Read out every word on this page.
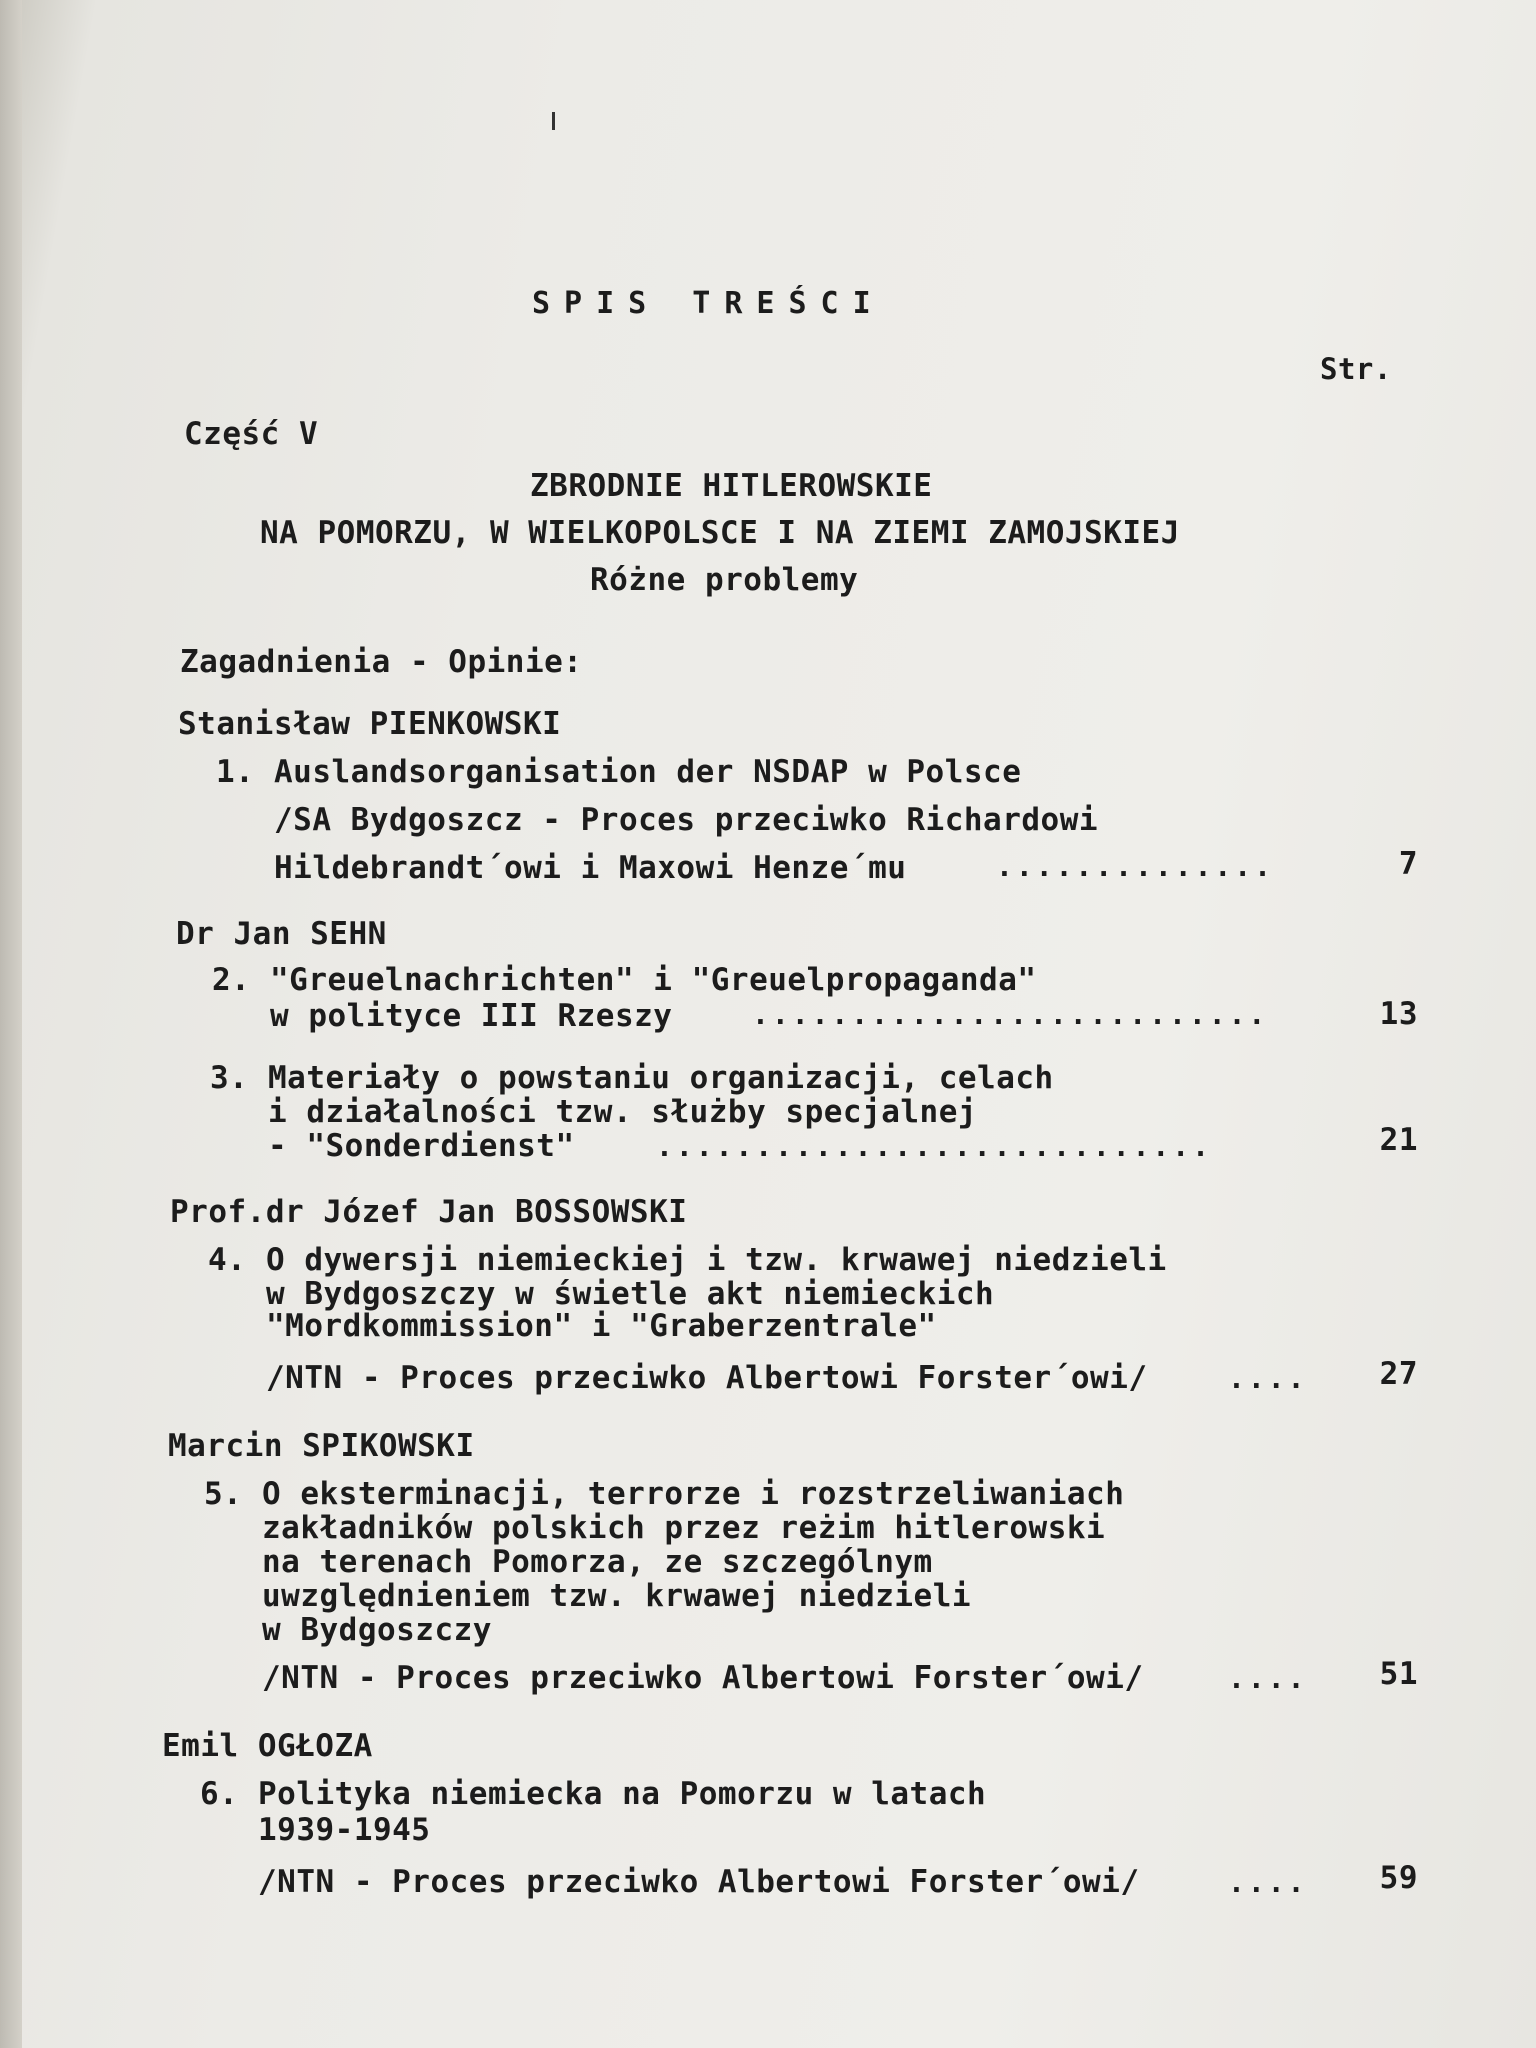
SPIS TREŚCI
Str.
Część V
ZBRODNIE HITLEROWSKIE
NA POMORZU, W WIELKOPOLSCE I NA ZIEMI ZAMOJSKIEJ
Różne problemy
Zagadnienia - Opinie:
Stanisław PIENKOWSKI
1. Auslandsorganisation der NSDAP w Polsce
/SA Bydgoszcz - Proces przeciwko Richardowi
Hildebrandt´owi i Maxowi Henze´mu	..............	7
Dr Jan SEHN
2. "Greuelnachrichten" i "Greuelpropaganda"
w polityce III Rzeszy	..........................	13
3. Materiały o powstaniu organizacji, celach
i działalności tzw. służby specjalnej
- "Sonderdienst"	............................	21
Prof.dr Józef Jan BOSSOWSKI
4. O dywersji niemieckiej i tzw. krwawej niedzieli
w Bydgoszczy w świetle akt niemieckich
"Mordkommission" i "Graberzentrale"
/NTN - Proces przeciwko Albertowi Forster´owi/	....	27
Marcin SPIKOWSKI
5. O eksterminacji, terrorze i rozstrzeliwaniach
zakładników polskich przez reżim hitlerowski
na terenach Pomorza, ze szczególnym
uwzględnieniem tzw. krwawej niedzieli
w Bydgoszczy
/NTN - Proces przeciwko Albertowi Forster´owi/	....	51
Emil OGŁOZA
6. Polityka niemiecka na Pomorzu w latach
1939-1945
/NTN - Proces przeciwko Albertowi Forster´owi/	....	59
